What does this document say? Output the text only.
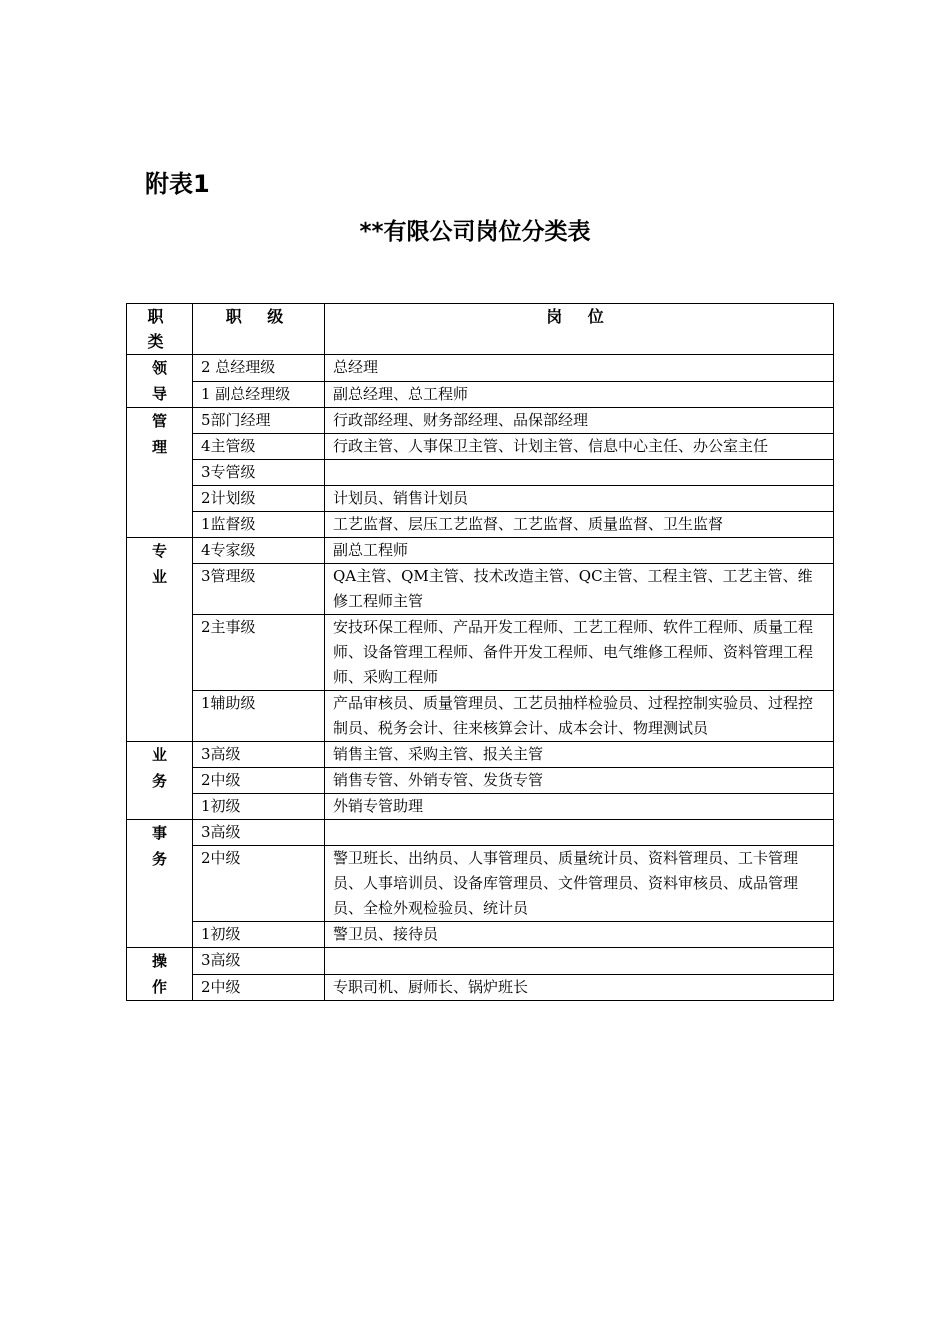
附表1
**有限公司岗位分类表
职 类	职 级	岗 位

领
导	2 总经理级	总经理
	1 副总经理级	副总经理、总工程师

管
理	5部门经理	行政部经理、财务部经理、品保部经理
	4主管级	行政主管、人事保卫主管、计划主管、信息中心主任、办公室主任
	3专管级	
	2计划级	计划员、销售计划员
	1监督级	工艺监督、层压工艺监督、工艺监督、质量监督、卫生监督

专
业	4专家级	副总工程师
	3管理级	QA主管、QM主管、技术改造主管、QC主管、工程主管、工艺主管、维修工程师主管
	2主事级	安技环保工程师、产品开发工程师、工艺工程师、软件工程师、质量工程师、设备管理工程师、备件开发工程师、电气维修工程师、资料管理工程师、采购工程师
	1辅助级	产品审核员、质量管理员、工艺员抽样检验员、过程控制实验员、过程控制员、税务会计、往来核算会计、成本会计、物理测试员

业
务	3高级	销售主管、采购主管、报关主管
	2中级	销售专管、外销专管、发货专管
	1初级	外销专管助理

事
务	3高级	
	2中级	警卫班长、出纳员、人事管理员、质量统计员、资料管理员、工卡管理员、人事培训员、设备库管理员、文件管理员、资料审核员、成品管理员、全检外观检验员、统计员
	1初级	警卫员、接待员

操
作	3高级	
	2中级	专职司机、厨师长、锅炉班长
